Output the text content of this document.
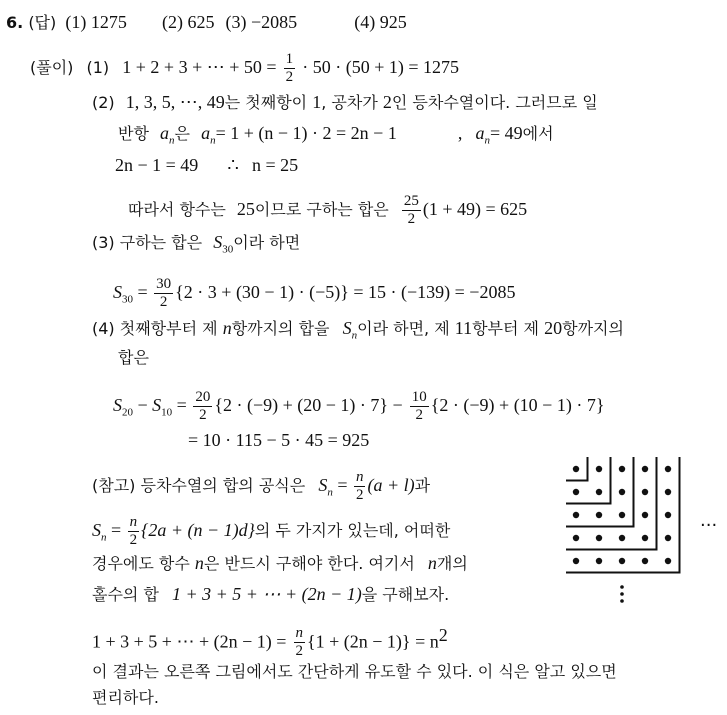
6. (답) (1) 1275 (2) 625 (3) −2085	(4) 925
(풀이) (1) 1 + 2 + 3 + ⋯ + $50 = \frac{1}{2} \cdot 50 \cdot (50 + 1) = 1275$
(2) 1, 3, 5, ⋯, 49는 첫째항이 1, 공차가 2인 등차수열이다. 그러므로 일
반항 $a_n$은 $a_n= 1 + (n - 1) \cdot 2 = 2n - 1$	, $a_n= 49$에서
2n − 1 = 49 ∴ n = 25
따라서 항수는 25이므로 구하는 합은 $\frac{25}{2} (1 + 49) = 625$
(3) 구하는 합은 $S_{30}$이라 하면
$S_{30} = \frac{30}{2} \{2 \cdot 3 + (30 - 1) \cdot (-5)\} = 15 \cdot (-139) = -2085$
(4) 첫째항부터 제 n항까지의 합을 $S_n$이라 하면, 제 11항부터 제 20항까지의
합은
$S_{20} - S_{10} = \frac{20}{2} \{2 \cdot (-9) + (20 - 1) \cdot 7\} - \frac{10}{2} \{2 \cdot (-9) + (10 - 1) \cdot 7\}$
= 10 · 115 − 5 · 45 = 925
(참고) 등차수열의 합의 공식은 $S_n = \frac{n}{2} (a + l)$과
$S_n = \frac{n}{2} \{2a + (n - 1)d\}$의 두 가지가 있는데, 어떠한
경우에도 항수 n은 반드시 구해야 한다. 여기서 n개의
홀수의 합 1 + 3 + 5 + ⋯ + (2n − 1)을 구해보자.
1 + 3 + 5 + ⋯ + $(2n - 1) = \frac{n}{2} \{1 + (2n - 1)\} = n^2$
이 결과는 오른쪽 그림에서도 간단하게 유도할 수 있다. 이 식은 알고 있으면
편리하다.
···
